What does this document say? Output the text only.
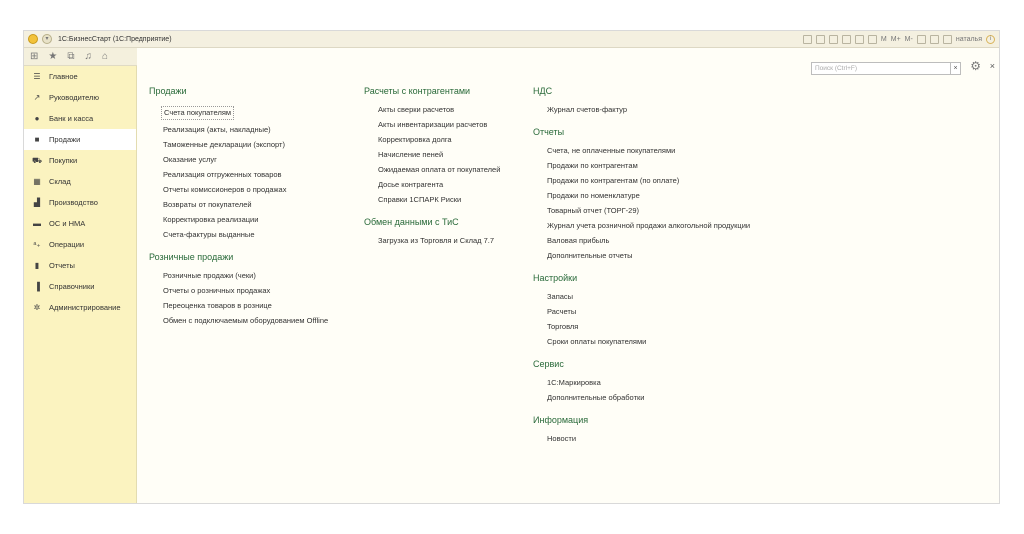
▾	1С:БизнесСтарт (1С:Предприятие)	M M+ M-	наталья	i
⊞ ★ ⧉ ♫ ⌂
☰ Главное
↗ Руководителю
●	Банк и касса
■	Продажи
⛟ Покупки
▦ Склад
▟ Производство
▬ ОС и НМА
ᵃ₊ Операции
▮	Отчеты
▐ Справочники
✲ Администрирование
Поиск (Ctrl+F)	× ⚙ ×
Продажи
Счета покупателям
Реализация (акты, накладные)
Таможенные декларации (экспорт)
Оказание услуг
Реализация отгруженных товаров
Отчеты комиссионеров о продажах
Возвраты от покупателей
Корректировка реализации
Счета-фактуры выданные
Розничные продажи
Розничные продажи (чеки)
Отчеты о розничных продажах
Переоценка товаров в рознице
Обмен с подключаемым оборудованием Offline
Расчеты с контрагентами
Акты сверки расчетов
Акты инвентаризации расчетов
Корректировка долга
Начисление пеней
Ожидаемая оплата от покупателей
Досье контрагента
Справки 1СПАРК Риски
Обмен данными с ТиС
Загрузка из Торговля и Склад 7.7
НДС
Журнал счетов-фактур
Отчеты
Счета, не оплаченные покупателями
Продажи по контрагентам
Продажи по контрагентам (по оплате)
Продажи по номенклатуре
Товарный отчет (ТОРГ-29)
Журнал учета розничной продажи алкогольной продукции
Валовая прибыль
Дополнительные отчеты
Настройки
Запасы
Расчеты
Торговля
Сроки оплаты покупателями
Сервис
1С:Маркировка
Дополнительные обработки
Информация
Новости
